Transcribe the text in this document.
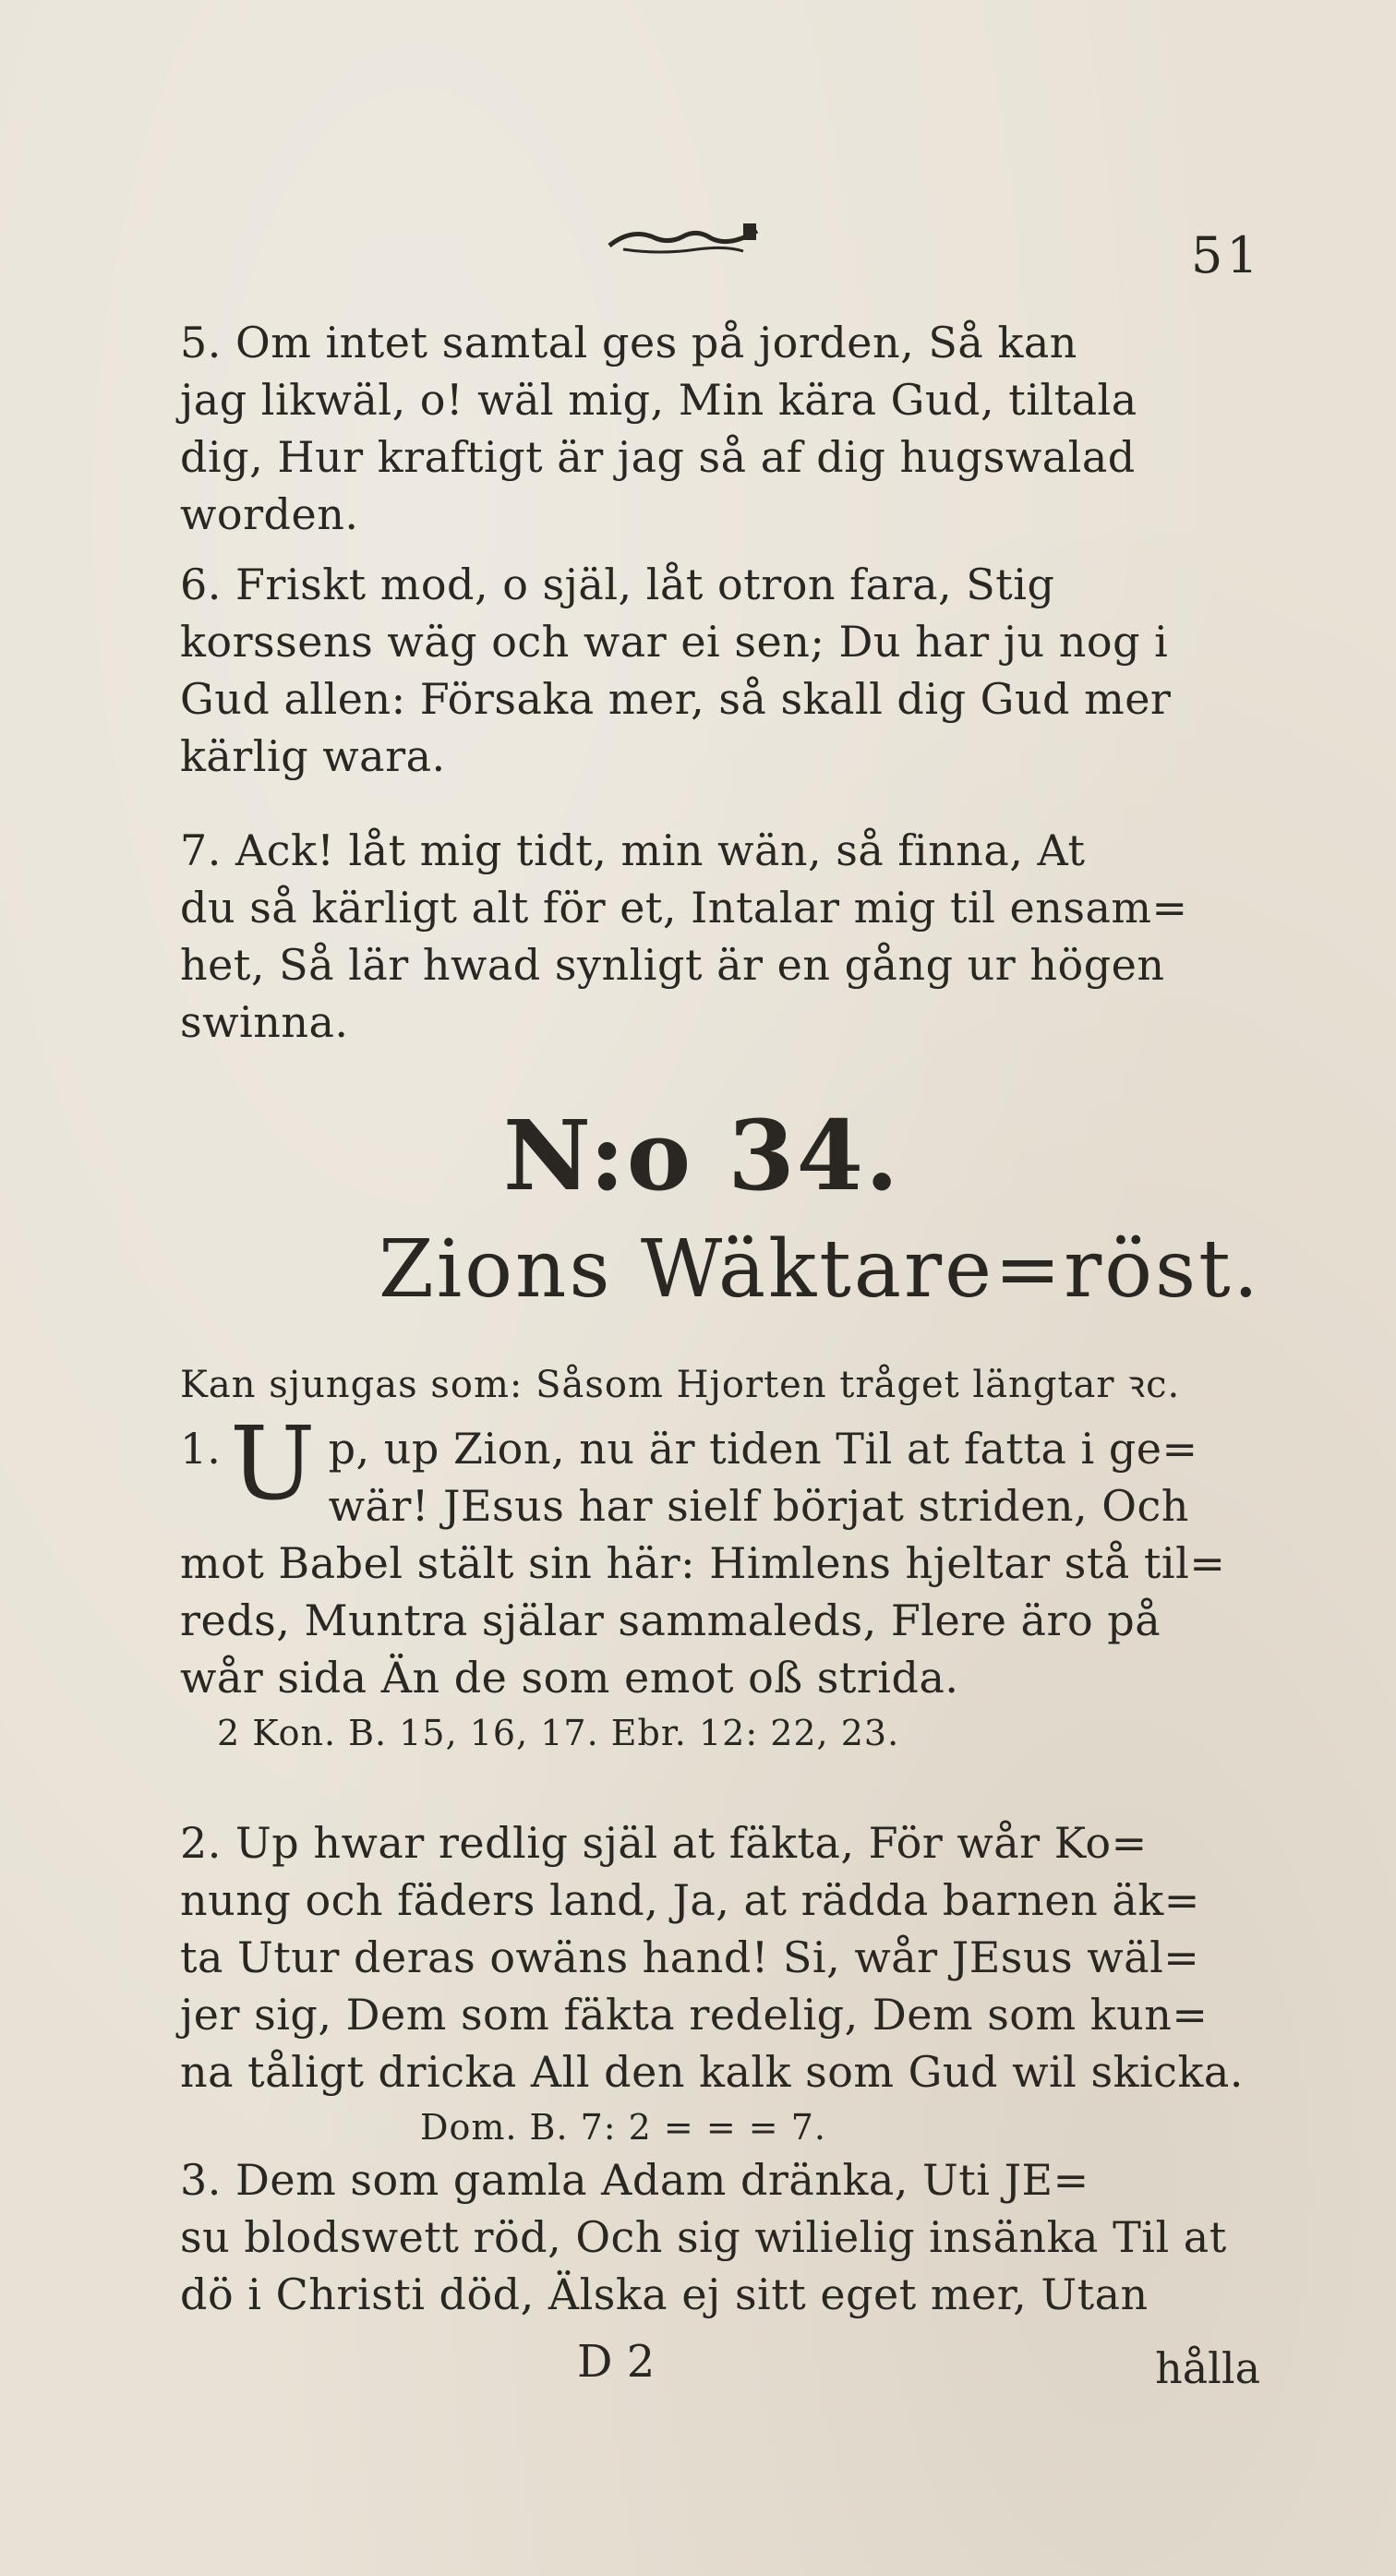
51
5. Om intet samtal ges på jorden, Så kan
jag likwäl, o! wäl mig, Min kära Gud, tiltala
dig, Hur kraftigt är jag så af dig hugswalad
worden.
6. Friskt mod, o själ, låt otron fara, Stig
korssens wäg och war ei sen; Du har ju nog i
Gud allen: Försaka mer, så skall dig Gud mer
kärlig wara.
7. Ack! låt mig tidt, min wän, så finna, At
du så kärligt alt för et, Intalar mig til ensam=
het, Så lär hwad synligt är en gång ur högen
swinna.
N:o 34.
Zions Wäktare=röst.
Kan sjungas som: Såsom Hjorten tråget längtar ꝛc.
1. U p, up Zion, nu är tiden Til at fatta i ge=
wär! JEsus har sielf börjat striden, Och
mot Babel stält sin här: Himlens hjeltar stå til=
reds, Muntra själar sammaleds, Flere äro på
wår sida Än de som emot oß strida.
2 Kon. B. 15, 16, 17. Ebr. 12: 22, 23.
2. Up hwar redlig själ at fäkta, För wår Ko=
nung och fäders land, Ja, at rädda barnen äk=
ta Utur deras owäns hand! Si, wår JEsus wäl=
jer sig, Dem som fäkta redelig, Dem som kun=
na tåligt dricka All den kalk som Gud wil skicka.
Dom. B. 7: 2 = = = 7.
3. Dem som gamla Adam dränka, Uti JE=
su blodswett röd, Och sig wilielig insänka Til at
dö i Christi död, Älska ej sitt eget mer, Utan
D 2	hålla
